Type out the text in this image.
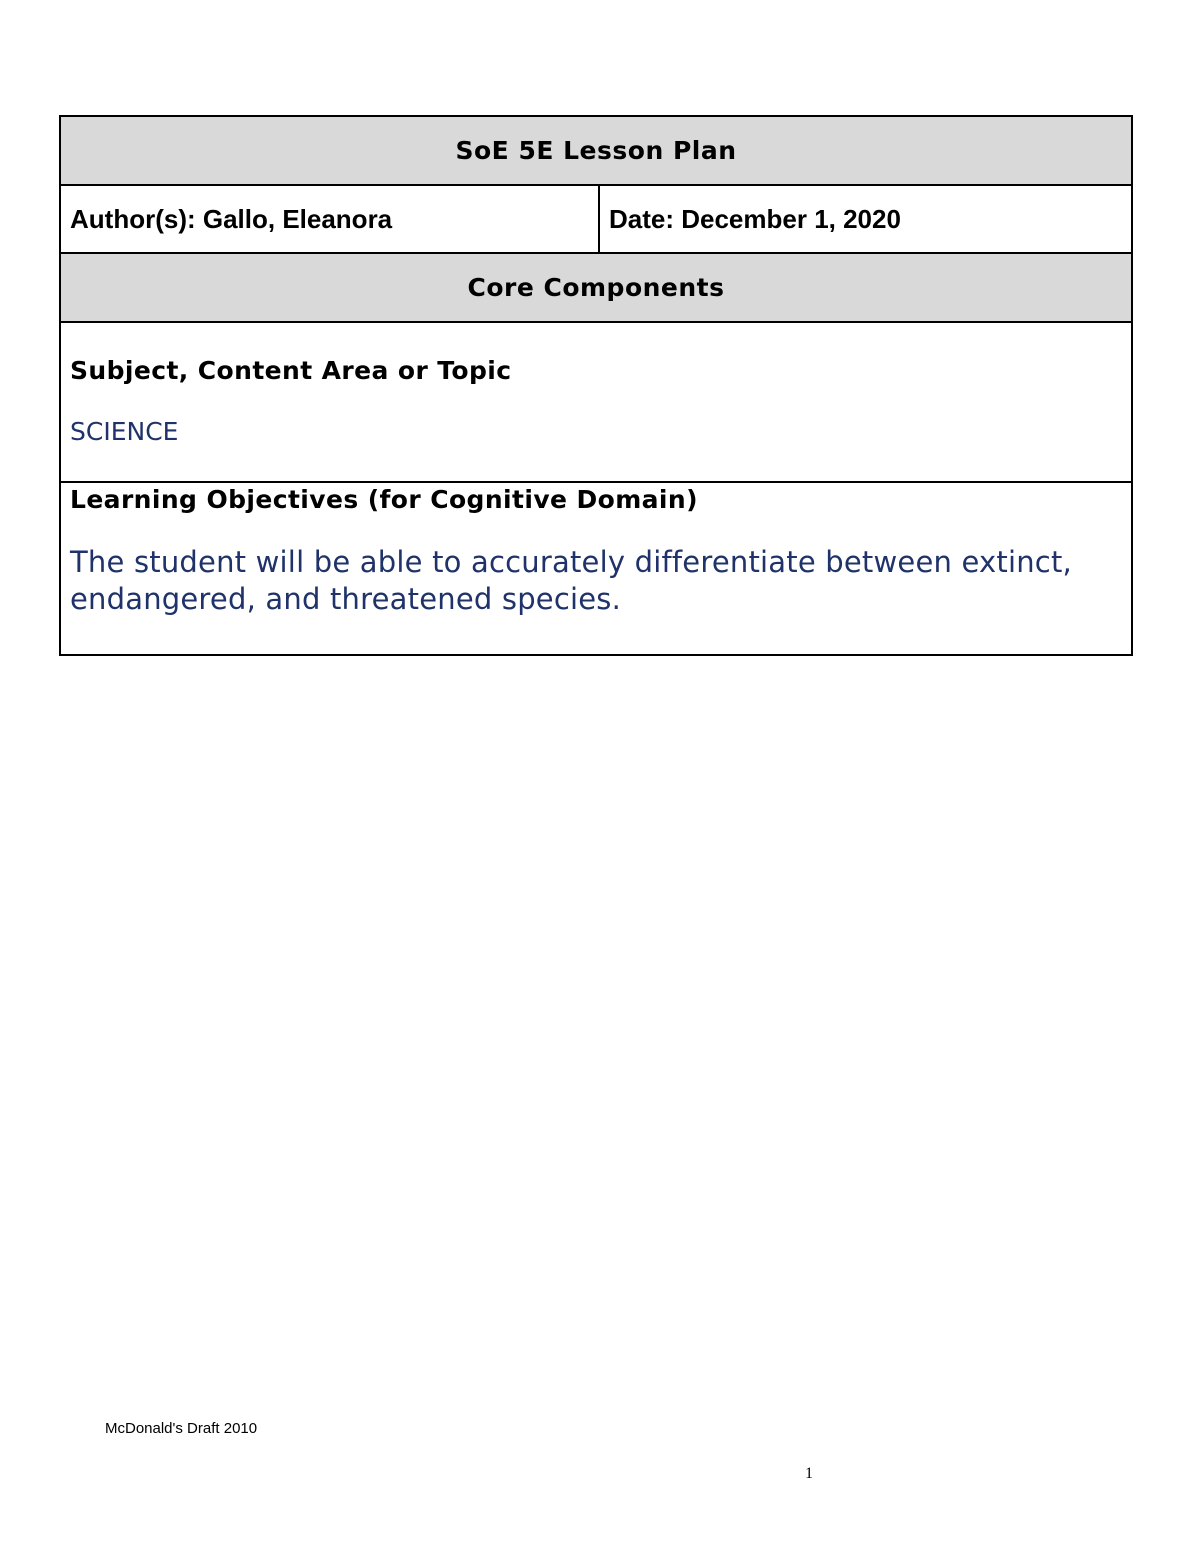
SoE 5E Lesson Plan
Author(s): Gallo, Eleanora	Date: December 1, 2020
Core Components

Subject, Content Area or Topic
SCIENCE

Learning Objectives (for Cognitive Domain)
The student will be able to accurately differentiate between extinct, endangered, and threatened species.
McDonald's Draft 2010
1
